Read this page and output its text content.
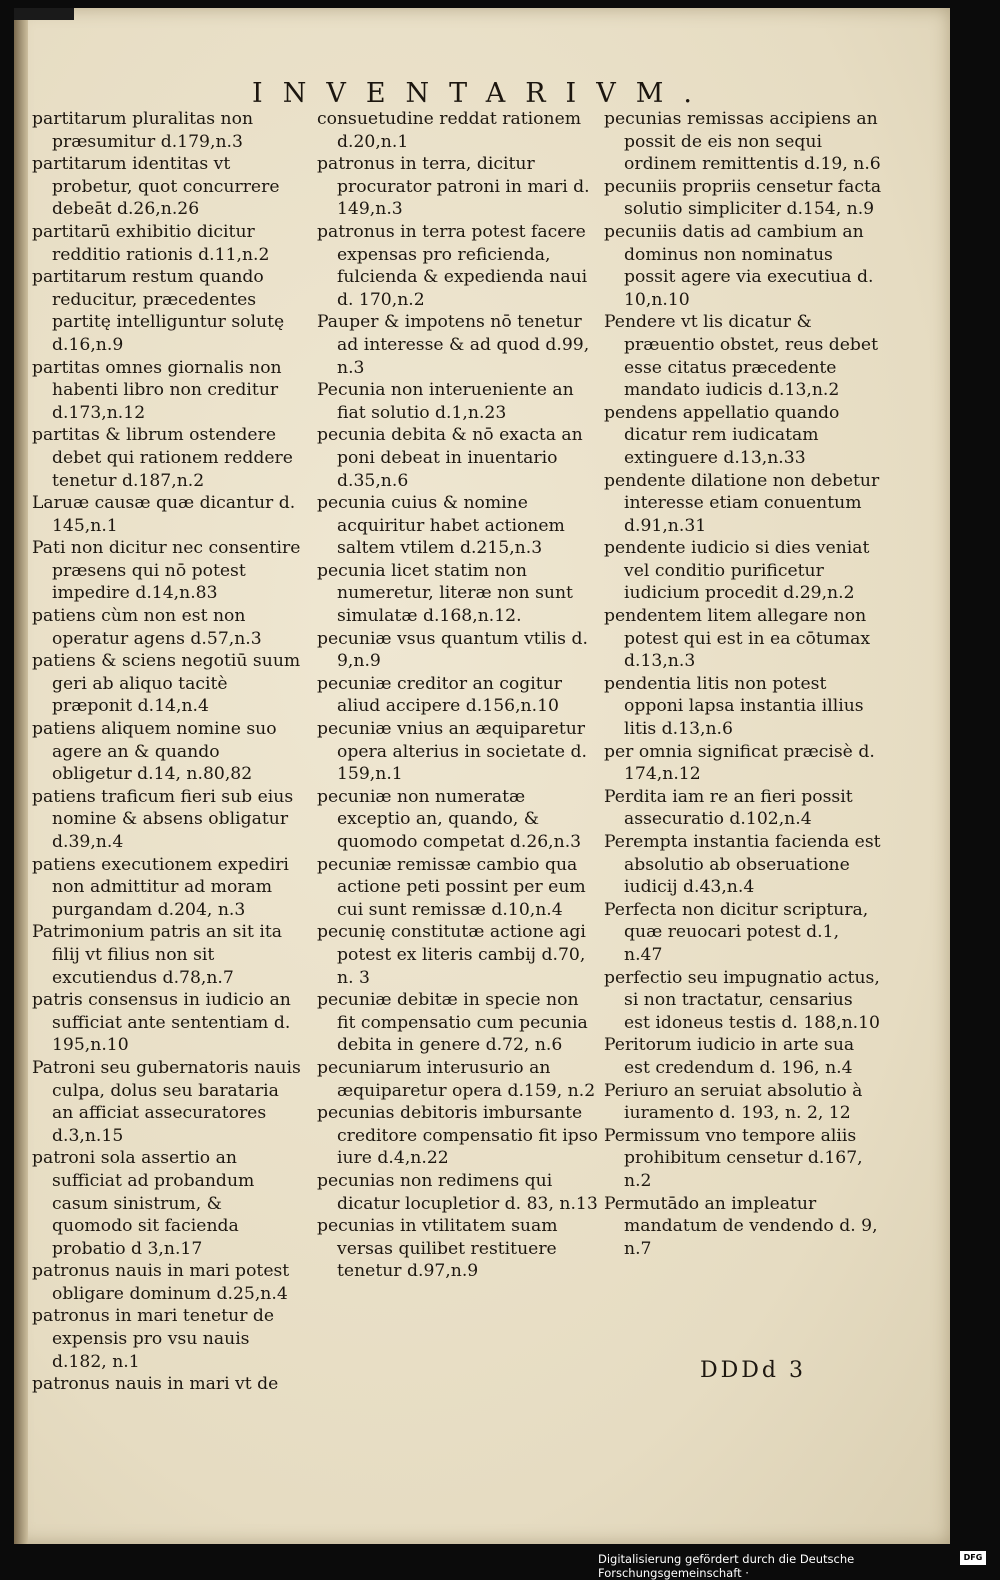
INVENTARIVM.

partitarum pluralitas non præsumitur d.179,n.3

partitarum identitas vt probetur, quot concurrere debeāt d.26,n.26

partitarū exhibitio dicitur redditio rationis d.11,n.2

partitarum restum quando reducitur, præcedentes partitę intelliguntur solutę d.16,n.9

partitas omnes giornalis non habenti libro non creditur d.173,n.12

partitas & librum ostendere debet qui rationem reddere tenetur d.187,n.2

Laruæ causæ quæ dicantur d. 145,n.1

Pati non dicitur nec consentire præsens qui nō potest impedire d.14,n.83

patiens cùm non est non operatur agens d.57,n.3

patiens & sciens negotiū suum geri ab aliquo tacitè præponit d.14,n.4

patiens aliquem nomine suo agere an & quando obligetur d.14, n.80,82

patiens traficum fieri sub eius nomine & absens obligatur d.39,n.4

patiens executionem expediri non admittitur ad moram purgandam d.204, n.3

Patrimonium patris an sit ita filij vt filius non sit excutiendus d.78,n.7

patris consensus in iudicio an sufficiat ante sententiam d. 195,n.10

Patroni seu gubernatoris nauis culpa, dolus seu barataria an afficiat assecuratores d.3,n.15

patroni sola assertio an sufficiat ad probandum casum sinistrum, & quomodo sit facienda probatio d 3,n.17

patronus nauis in mari potest obligare dominum d.25,n.4

patronus in mari tenetur de expensis pro vsu nauis d.182, n.1

patronus nauis in mari vt de

consuetudine reddat rationem d.20,n.1

patronus in terra, dicitur procurator patroni in mari d. 149,n.3

patronus in terra potest facere expensas pro reficienda, fulcienda & expedienda naui d. 170,n.2

Pauper & impotens nō tenetur ad interesse & ad quod d.99, n.3

Pecunia non interueniente an fiat solutio d.1,n.23

pecunia debita & nō exacta an poni debeat in inuentario d.35,n.6

pecunia cuius & nomine acquiritur habet actionem saltem vtilem d.215,n.3

pecunia licet statim non numeretur, literæ non sunt simulatæ d.168,n.12.

pecuniæ vsus quantum vtilis d. 9,n.9

pecuniæ creditor an cogitur aliud accipere d.156,n.10

pecuniæ vnius an æquiparetur opera alterius in societate d. 159,n.1

pecuniæ non numeratæ exceptio an, quando, & quomodo competat d.26,n.3

pecuniæ remissæ cambio qua actione peti possint per eum cui sunt remissæ d.10,n.4

pecunię constitutæ actione agi potest ex literis cambij d.70, n. 3

pecuniæ debitæ in specie non fit compensatio cum pecunia debita in genere d.72, n.6

pecuniarum interusurio an æquiparetur opera d.159, n.2

pecunias debitoris imbursante creditore compensatio fit ipso iure d.4,n.22

pecunias non redimens qui dicatur locupletior d. 83, n.13

pecunias in vtilitatem suam versas quilibet restituere tenetur d.97,n.9

pecunias remissas accipiens an possit de eis non sequi ordinem remittentis d.19, n.6

pecuniis propriis censetur facta solutio simpliciter d.154, n.9

pecuniis datis ad cambium an dominus non nominatus possit agere via executiua d. 10,n.10

Pendere vt lis dicatur & præuentio obstet, reus debet esse citatus præcedente mandato iudicis d.13,n.2

pendens appellatio quando dicatur rem iudicatam extinguere d.13,n.33

pendente dilatione non debetur interesse etiam conuentum d.91,n.31

pendente iudicio si dies veniat vel conditio purificetur iudicium procedit d.29,n.2

pendentem litem allegare non potest qui est in ea cōtumax d.13,n.3

pendentia litis non potest opponi lapsa instantia illius litis d.13,n.6

per omnia significat præcisè d. 174,n.12

Perdita iam re an fieri possit assecuratio d.102,n.4

Perempta instantia facienda est absolutio ab obseruatione iudicij d.43,n.4

Perfecta non dicitur scriptura, quæ reuocari potest d.1, n.47

perfectio seu impugnatio actus, si non tractatur, censarius est idoneus testis d. 188,n.10

Peritorum iudicio in arte sua est credendum d. 196, n.4

Periuro an seruiat absolutio à iuramento d. 193, n. 2, 12

Permissum vno tempore aliis prohibitum censetur d.167, n.2

Permutādo an impleatur mandatum de vendendo d. 9, n.7

DDDd 3
Digitalisierung gefördert durch die Deutsche Forschungsgemeinschaft ·
DFG
